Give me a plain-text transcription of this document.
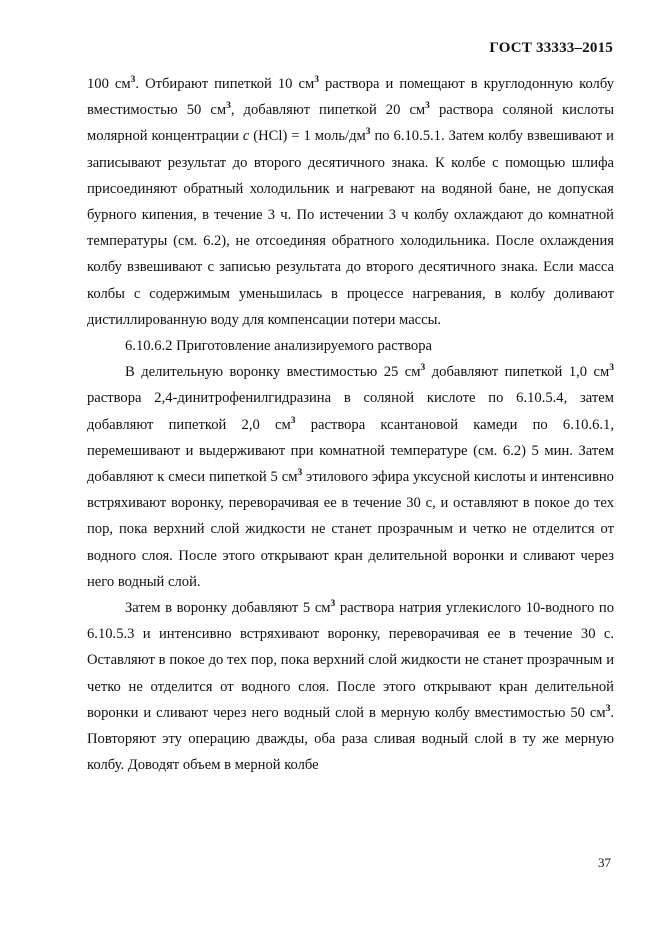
ГОСТ 33333–2015

100 $см^3$. Отбирают пипеткой 10 $см^3$ раствора и помещают в круглодонную колбу вместимостью 50 $см^3$, добавляют пипеткой 20 $см^3$ раствора соляной кислоты молярной концентрации с (HCl) = 1 моль/$дм^3$ по 6.10.5.1. Затем колбу взвешивают и записывают результат до второго десятичного знака. К колбе с помощью шлифа присоединяют обратный холодильник и нагревают на водяной бане, не допуская бурного кипения, в течение 3 ч. По истечении 3 ч колбу охлаждают до комнатной температуры (см. 6.2), не отсоединяя обратного холодильника. После охлаждения колбу взвешивают с записью результата до второго десятичного знака. Если масса колбы с содержимым уменьшилась в процессе нагревания, в колбу доливают дистиллированную воду для компенсации потери массы.

6.10.6.2 Приготовление анализируемого раствора

В делительную воронку вместимостью 25 $см^3$ добавляют пипеткой 1,0 $см^3$ раствора 2,4-динитрофенилгидразина в соляной кислоте по 6.10.5.4, затем добавляют пипеткой 2,0 $см^3$ раствора ксантановой камеди по 6.10.6.1, перемешивают и выдерживают при комнатной температуре (см. 6.2) 5 мин. Затем добавляют к смеси пипеткой 5 $см^3$ этилового эфира уксусной кислоты и интенсивно встряхивают воронку, переворачивая ее в течение 30 с, и оставляют в покое до тех пор, пока верхний слой жидкости не станет прозрачным и четко не отделится от водного слоя. После этого открывают кран делительной воронки и сливают через него водный слой.

Затем в воронку добавляют 5 $см^3$ раствора натрия углекислого 10-водного по 6.10.5.3 и интенсивно встряхивают воронку, переворачивая ее в течение 30 с. Оставляют в покое до тех пор, пока верхний слой жидкости не станет прозрачным и четко не отделится от водного слоя. После этого открывают кран делительной воронки и сливают через него водный слой в мерную колбу вместимостью 50 $см^3$. Повторяют эту операцию дважды, оба раза сливая водный слой в ту же мерную колбу. Доводят объем в мерной колбе

37
